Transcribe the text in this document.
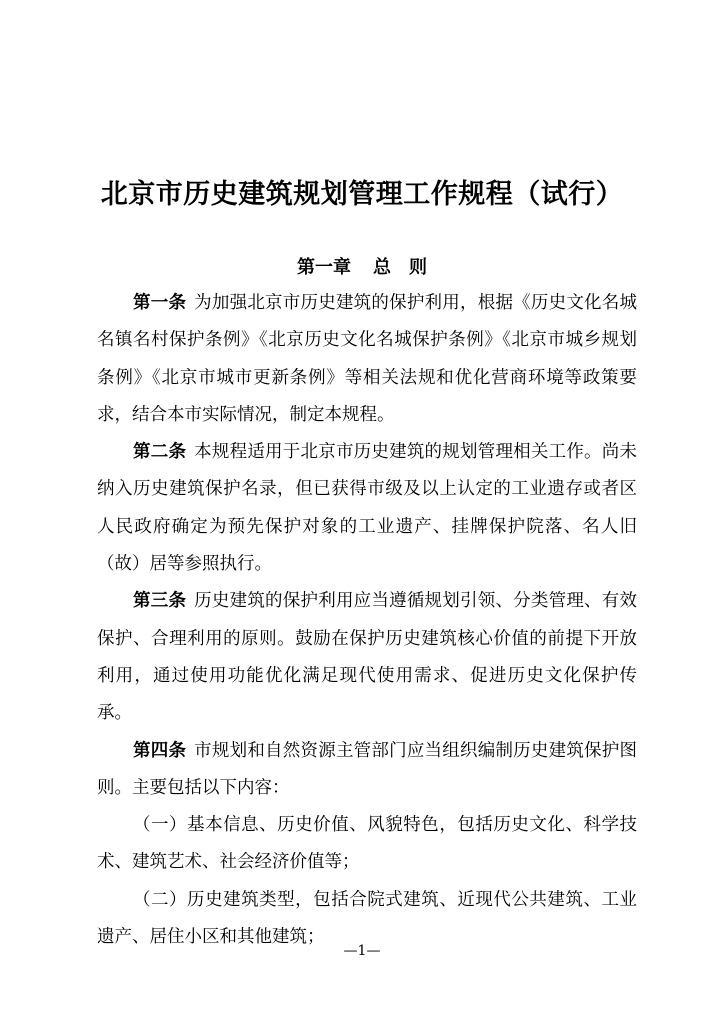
北京市历史建筑规划管理工作规程（试行）
第一章 总　则

第一条 为加强北京市历史建筑的保护利用，根据《历史文化名城名镇名村保护条例》《北京历史文化名城保护条例》《北京市城乡规划条例》《北京市城市更新条例》等相关法规和优化营商环境等政策要求，结合本市实际情况，制定本规程。

第二条 本规程适用于北京市历史建筑的规划管理相关工作。尚未纳入历史建筑保护名录，但已获得市级及以上认定的工业遗存或者区人民政府确定为预先保护对象的工业遗产、挂牌保护院落、名人旧（故）居等参照执行。

第三条 历史建筑的保护利用应当遵循规划引领、分类管理、有效保护、合理利用的原则。鼓励在保护历史建筑核心价值的前提下开放利用，通过使用功能优化满足现代使用需求、促进历史文化保护传承。

第四条 市规划和自然资源主管部门应当组织编制历史建筑保护图则。主要包括以下内容：

（一）基本信息、历史价值、风貌特色，包括历史文化、科学技术、建筑艺术、社会经济价值等；

（二）历史建筑类型，包括合院式建筑、近现代公共建筑、工业遗产、居住小区和其他建筑；

—1—
